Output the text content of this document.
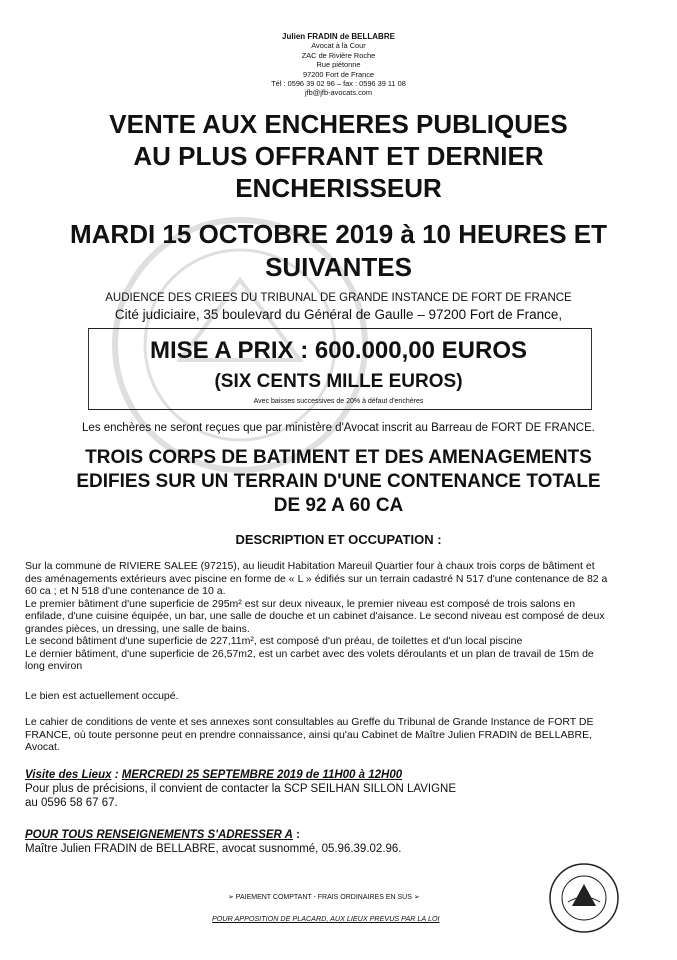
Julien FRADIN de BELLABRE
Avocat à la Cour
ZAC de Rivière Roche
Rue piétonne
97200 Fort de France
Tél : 0596 39 02 96 – fax : 0596 39 11 08
jfb@jfb-avocats.com
VENTE AUX ENCHERES PUBLIQUES
AU PLUS OFFRANT ET DERNIER
ENCHERISSEUR
MARDI 15 OCTOBRE 2019 à 10 HEURES ET
SUIVANTES
AUDIENCE DES CRIEES DU TRIBUNAL DE GRANDE INSTANCE DE FORT DE FRANCE
Cité judiciaire, 35 boulevard du Général de Gaulle – 97200 Fort de France,
MISE A PRIX : 600.000,00 EUROS
(SIX CENTS MILLE EUROS)
Avec baisses successives de 20% à défaut d'enchères
Les enchères ne seront reçues que par ministère d'Avocat inscrit au Barreau de FORT DE FRANCE.
TROIS CORPS DE BATIMENT ET DES AMENAGEMENTS
EDIFIES SUR UN TERRAIN D'UNE CONTENANCE TOTALE
DE 92 A 60 CA
DESCRIPTION ET OCCUPATION :
Sur la commune de RIVIERE SALEE (97215), au lieudit Habitation Mareuil Quartier four à chaux trois corps de bâtiment et
des aménagements extérieurs avec piscine en forme de « L » édifiés sur un terrain cadastré N 517 d'une contenance de 82 a
60 ca ; et N 518 d'une contenance de 10 a.
Le premier bâtiment d'une superficie de 295m² est sur deux niveaux, le premier niveau est composé de trois salons en
enfilade, d'une cuisine équipée, un bar, une salle de douche et un cabinet d'aisance. Le second niveau est composé de deux
grandes pièces, un dressing, une salle de bains.
Le second bâtiment d'une superficie de 227,11m², est composé d'un préau, de toilettes et d'un local piscine
Le dernier bâtiment, d'une superficie de 26,57m2, est un carbet avec des volets déroulants et un plan de travail de 15m de
long environ
Le bien est actuellement occupé.
Le cahier de conditions de vente et ses annexes sont consultables au Greffe du Tribunal de Grande Instance de FORT DE
FRANCE, où toute personne peut en prendre connaissance, ainsi qu'au Cabinet de Maître Julien FRADIN de BELLABRE,
Avocat.
Visite des Lieux : MERCREDI 25 SEPTEMBRE 2019 de 11H00 à 12H00
Pour plus de précisions, il convient de contacter la SCP SEILHAN SILLON LAVIGNE
au 0596 58 67 67.
POUR TOUS RENSEIGNEMENTS S'ADRESSER A :
Maître Julien FRADIN de BELLABRE, avocat susnommé, 05.96.39.02.96.
➢ PAIEMENT COMPTANT - FRAIS ORDINAIRES EN SUS ➢
POUR APPOSITION DE PLACARD, AUX LIEUX PREVUS PAR LA LOI
